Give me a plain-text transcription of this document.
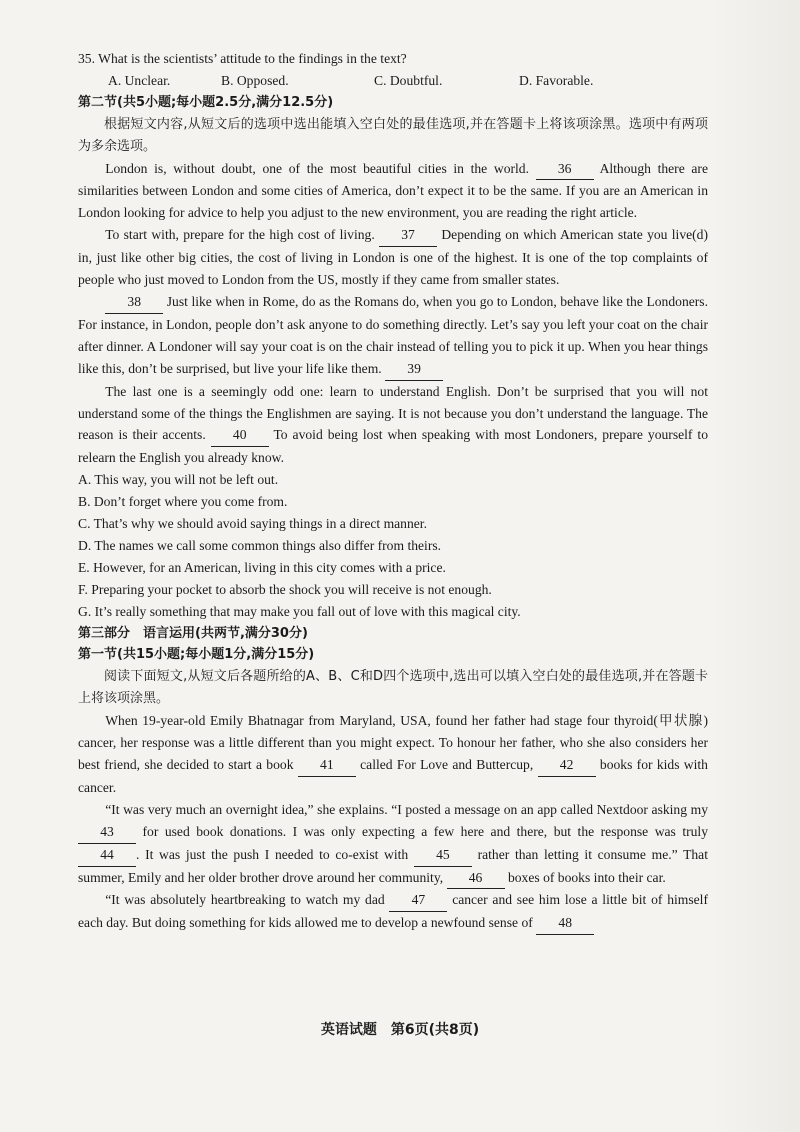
35. What is the scientists’ attitude to the findings in the text?
A. Unclear.	B. Opposed.	C. Doubtful.	D. Favorable.
第二节(共5小题;每小题2.5分,满分12.5分)
根据短文内容,从短文后的选项中选出能填入空白处的最佳选项,并在答题卡上将该项涂黑。选项中有两项为多余选项。
London is, without doubt, one of the most beautiful cities in the world. 36 Although there are similarities between London and some cities of America, don’t expect it to be the same. If you are an American in London looking for advice to help you adjust to the new environment, you are reading the right article.
To start with, prepare for the high cost of living. 37 Depending on which American state you live(d) in, just like other big cities, the cost of living in London is one of the highest. It is one of the top complaints of people who just moved to London from the US, mostly if they came from smaller states.
38 Just like when in Rome, do as the Romans do, when you go to London, behave like the Londoners. For instance, in London, people don’t ask anyone to do something directly. Let’s say you left your coat on the chair after dinner. A Londoner will say your coat is on the chair instead of telling you to pick it up. When you hear things like this, don’t be surprised, but live your life like them. 39
The last one is a seemingly odd one: learn to understand English. Don’t be surprised that you will not understand some of the things the Englishmen are saying. It is not because you don’t understand the language. The reason is their accents. 40 To avoid being lost when speaking with most Londoners, prepare yourself to relearn the English you already know.
A. This way, you will not be left out.
B. Don’t forget where you come from.
C. That’s why we should avoid saying things in a direct manner.
D. The names we call some common things also differ from theirs.
E. However, for an American, living in this city comes with a price.
F. Preparing your pocket to absorb the shock you will receive is not enough.
G. It’s really something that may make you fall out of love with this magical city.
第三部分　语言运用(共两节,满分30分)
第一节(共15小题;每小题1分,满分15分)
阅读下面短文,从短文后各题所给的A、B、C和D四个选项中,选出可以填入空白处的最佳选项,并在答题卡上将该项涂黑。
When 19-year-old Emily Bhatnagar from Maryland, USA, found her father had stage four thyroid(甲状腺) cancer, her response was a little different than you might expect. To honour her father, who she also considers her best friend, she decided to start a book 41 called For Love and Buttercup, 42 books for kids with cancer.
“It was very much an overnight idea,” she explains. “I posted a message on an app called Nextdoor asking my 43 for used book donations. I was only expecting a few here and there, but the response was truly 44 . It was just the push I needed to co-exist with 45 rather than letting it consume me.” That summer, Emily and her older brother drove around her community, 46 boxes of books into their car.
“It was absolutely heartbreaking to watch my dad 47 cancer and see him lose a little bit of himself each day. But doing something for kids allowed me to develop a newfound sense of 48
英语试题　第6页(共8页)
